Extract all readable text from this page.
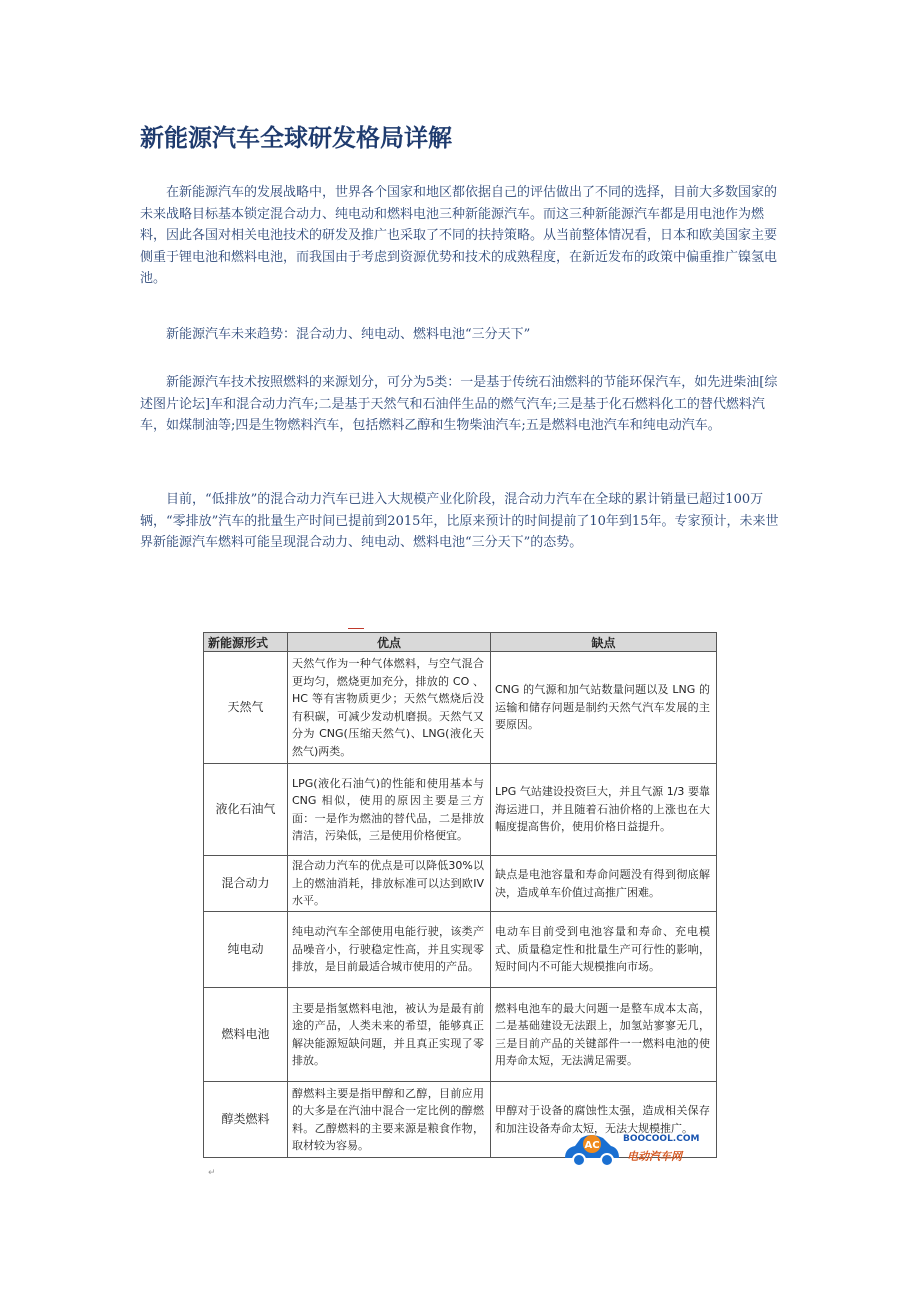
新能源汽车全球研发格局详解

在新能源汽车的发展战略中，世界各个国家和地区都依据自己的评估做出了不同的选择，目前大多数国家的未来战略目标基本锁定混合动力、纯电动和燃料电池三种新能源汽车。而这三种新能源汽车都是用电池作为燃料，因此各国对相关电池技术的研发及推广也采取了不同的扶持策略。从当前整体情况看，日本和欧美国家主要侧重于锂电池和燃料电池，而我国由于考虑到资源优势和技术的成熟程度，在新近发布的政策中偏重推广镍氢电池。

新能源汽车未来趋势：混合动力、纯电动、燃料电池“三分天下”

新能源汽车技术按照燃料的来源划分，可分为5类：一是基于传统石油燃料的节能环保汽车，如先进柴油[综述图片论坛]车和混合动力汽车;二是基于天然气和石油伴生品的燃气汽车;三是基于化石燃料化工的替代燃料汽车，如煤制油等;四是生物燃料汽车，包括燃料乙醇和生物柴油汽车;五是燃料电池汽车和纯电动汽车。

目前，“低排放”的混合动力汽车已进入大规模产业化阶段，混合动力汽车在全球的累计销量已超过100万辆，“零排放”汽车的批量生产时间已提前到2015年，比原来预计的时间提前了10年到15年。专家预计，未来世界新能源汽车燃料可能呈现混合动力、纯电动、燃料电池“三分天下”的态势。

新能源形式	优点	缺点
天然气	天然气作为一种气体燃料，与空气混合更均匀，燃烧更加充分，排放的 CO 、HC 等有害物质更少；天然气燃烧后没有积碳，可减少发动机磨损。天然气又分为 CNG(压缩天然气)、LNG(液化天然气)两类。	CNG 的气源和加气站数量问题以及 LNG 的运输和储存问题是制约天然气汽车发展的主要原因。
液化石油气	LPG(液化石油气)的性能和使用基本与 CNG 相似，使用的原因主要是三方面：一是作为燃油的替代品，二是排放清洁，污染低，三是使用价格便宜。	LPG 气站建设投资巨大，并且气源 1/3 要靠海运进口，并且随着石油价格的上涨也在大幅度提高售价，使用价格日益提升。
混合动力	混合动力汽车的优点是可以降低30%以上的燃油消耗，排放标准可以达到欧IV水平。	缺点是电池容量和寿命问题没有得到彻底解决，造成单车价值过高推广困难。
纯电动	纯电动汽车全部使用电能行驶，该类产品噪音小，行驶稳定性高，并且实现零排放，是目前最适合城市使用的产品。	电动车目前受到电池容量和寿命、充电模式、质量稳定性和批量生产可行性的影响，短时间内不可能大规模推向市场。
燃料电池	主要是指氢燃料电池，被认为是最有前途的产品，人类未来的希望，能够真正解决能源短缺问题，并且真正实现了零排放。	燃料电池车的最大问题一是整车成本太高，二是基础建设无法跟上，加氢站寥寥无几，三是目前产品的关键部件一一燃料电池的使用寿命太短，无法满足需要。
醇类燃料	醇燃料主要是指甲醇和乙醇，目前应用的大多是在汽油中混合一定比例的醇燃料。乙醇燃料的主要来源是粮食作物，取材较为容易。	甲醇对于设备的腐蚀性太强，造成相关保存和加注设备寿命太短，无法大规模推广。
AC
BOOCOOL.COM
电动汽车网
↵
